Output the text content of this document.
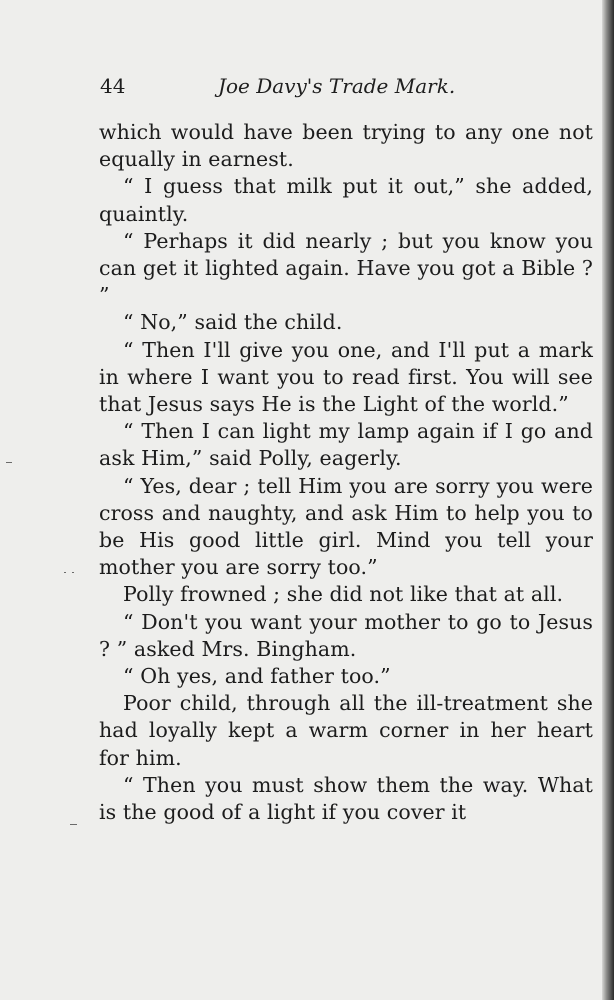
44	Joe Davy's Trade Mark.

which would have been trying to any one not equally in earnest.

“ I guess that milk put it out,” she added, quaintly.

“ Perhaps it did nearly ; but you know you can get it lighted again. Have you got a Bible ? ”

“ No,” said the child.

“ Then I'll give you one, and I'll put a mark in where I want you to read first. You will see that Jesus says He is the Light of the world.”

“ Then I can light my lamp again if I go and ask Him,” said Polly, eagerly.

“ Yes, dear ; tell Him you are sorry you were cross and naughty, and ask Him to help you to be His good little girl. Mind you tell your mother you are sorry too.”

Polly frowned ; she did not like that at all.

“ Don't you want your mother to go to Jesus ? ” asked Mrs. Bingham.

“ Oh yes, and father too.”

Poor child, through all the ill-treatment she had loyally kept a warm corner in her heart for him.

“ Then you must show them the way. What is the good of a light if you cover it
